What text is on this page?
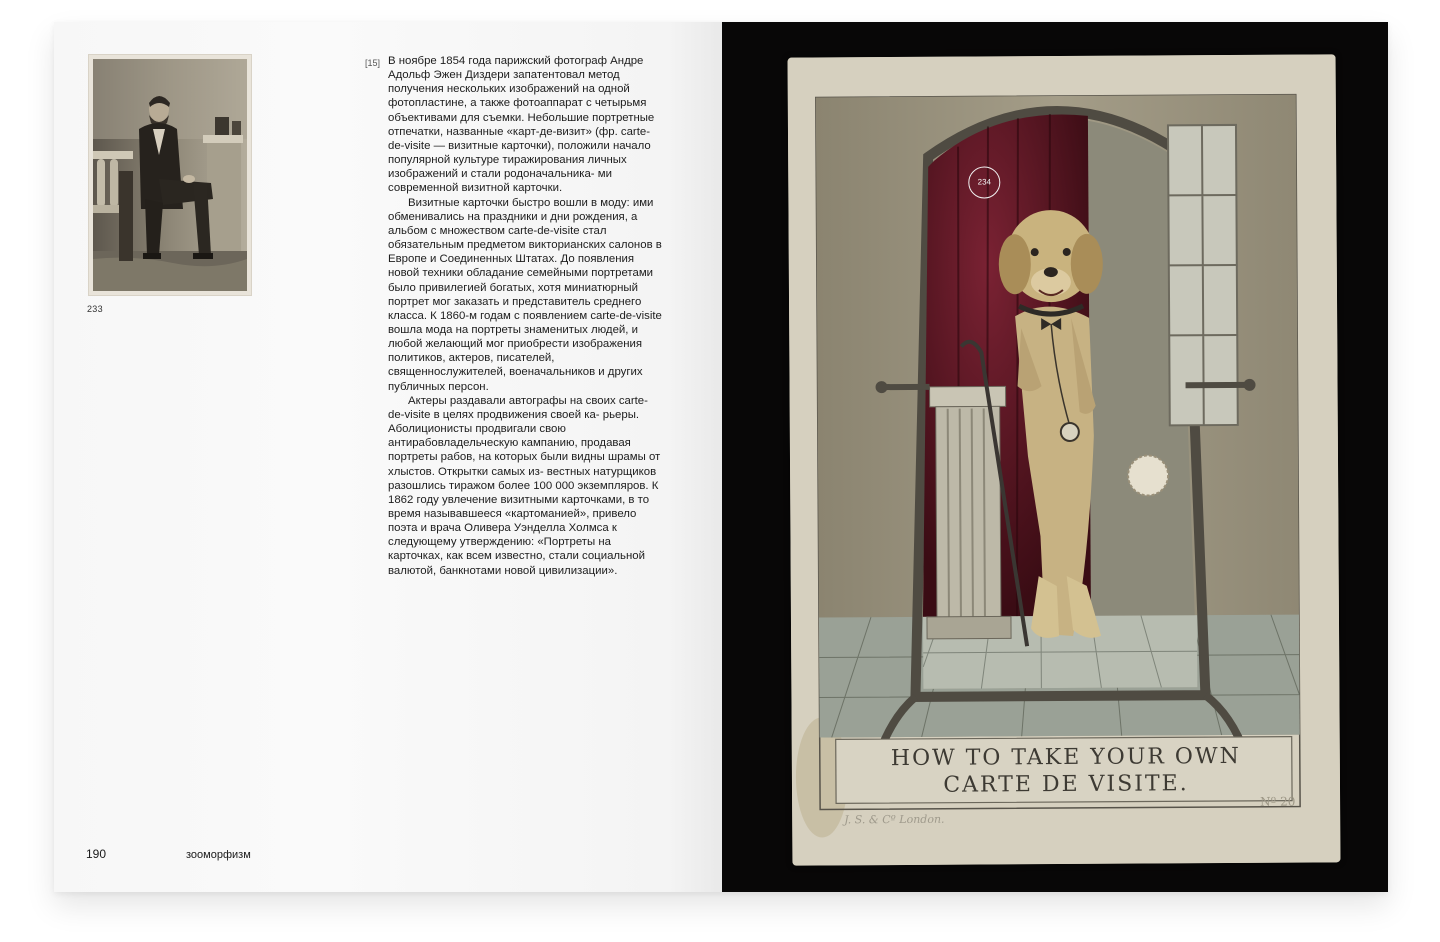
233
[15] В ноябре 1854 года парижский фотограф Андре Адольф Эжен Диздери запатентовал метод получения нескольких изображений на одной фотопластине, а также фотоаппарат с четырьмя объективами для съемки. Небольшие портретные отпечатки, названные «карт-де-визит» (фр. carte-de-visite — визитные карточки), положили начало популярной культуре тиражирования личных изображений и стали родоначальника- ми современной визитной карточки.

Визитные карточки быстро вошли в моду: ими обменивались на праздники и дни рождения, а альбом с множеством carte-de-visite стал обязательным предметом викторианских салонов в Европе и Соединенных Штатах. До появления новой техники обладание семейными портретами было привилегией богатых, хотя миниатюрный портрет мог заказать и представитель среднего класса. К 1860-м годам с появлением carte-de-visite вошла мода на портреты знаменитых людей, и любой желающий мог приобрести изображения политиков, актеров, писателей, священнослужителей, военачальников и других публичных персон.

Актеры раздавали автографы на своих carte-de-visite в целях продвижения своей ка- рьеры. Аболиционисты продвигали свою антирабовладельческую кампанию, продавая портреты рабов, на которых были видны шрамы от хлыстов. Открытки самых из- вестных натурщиков разошлись тиражом более 100 000 экземпляров. К 1862 году увлечение визитными карточками, в то время называвшееся «картоманией», привело поэта и врача Оливера Уэнделла Холмса к следующему утверждению: «Портреты на карточках, как всем известно, стали социальной валютой, банкнотами новой цивилизации».

190	зооморфизм
HOW TO TAKE YOUR OWN
CARTE DE VISITE.
J. S. & Cº London.
Nº 20
234
